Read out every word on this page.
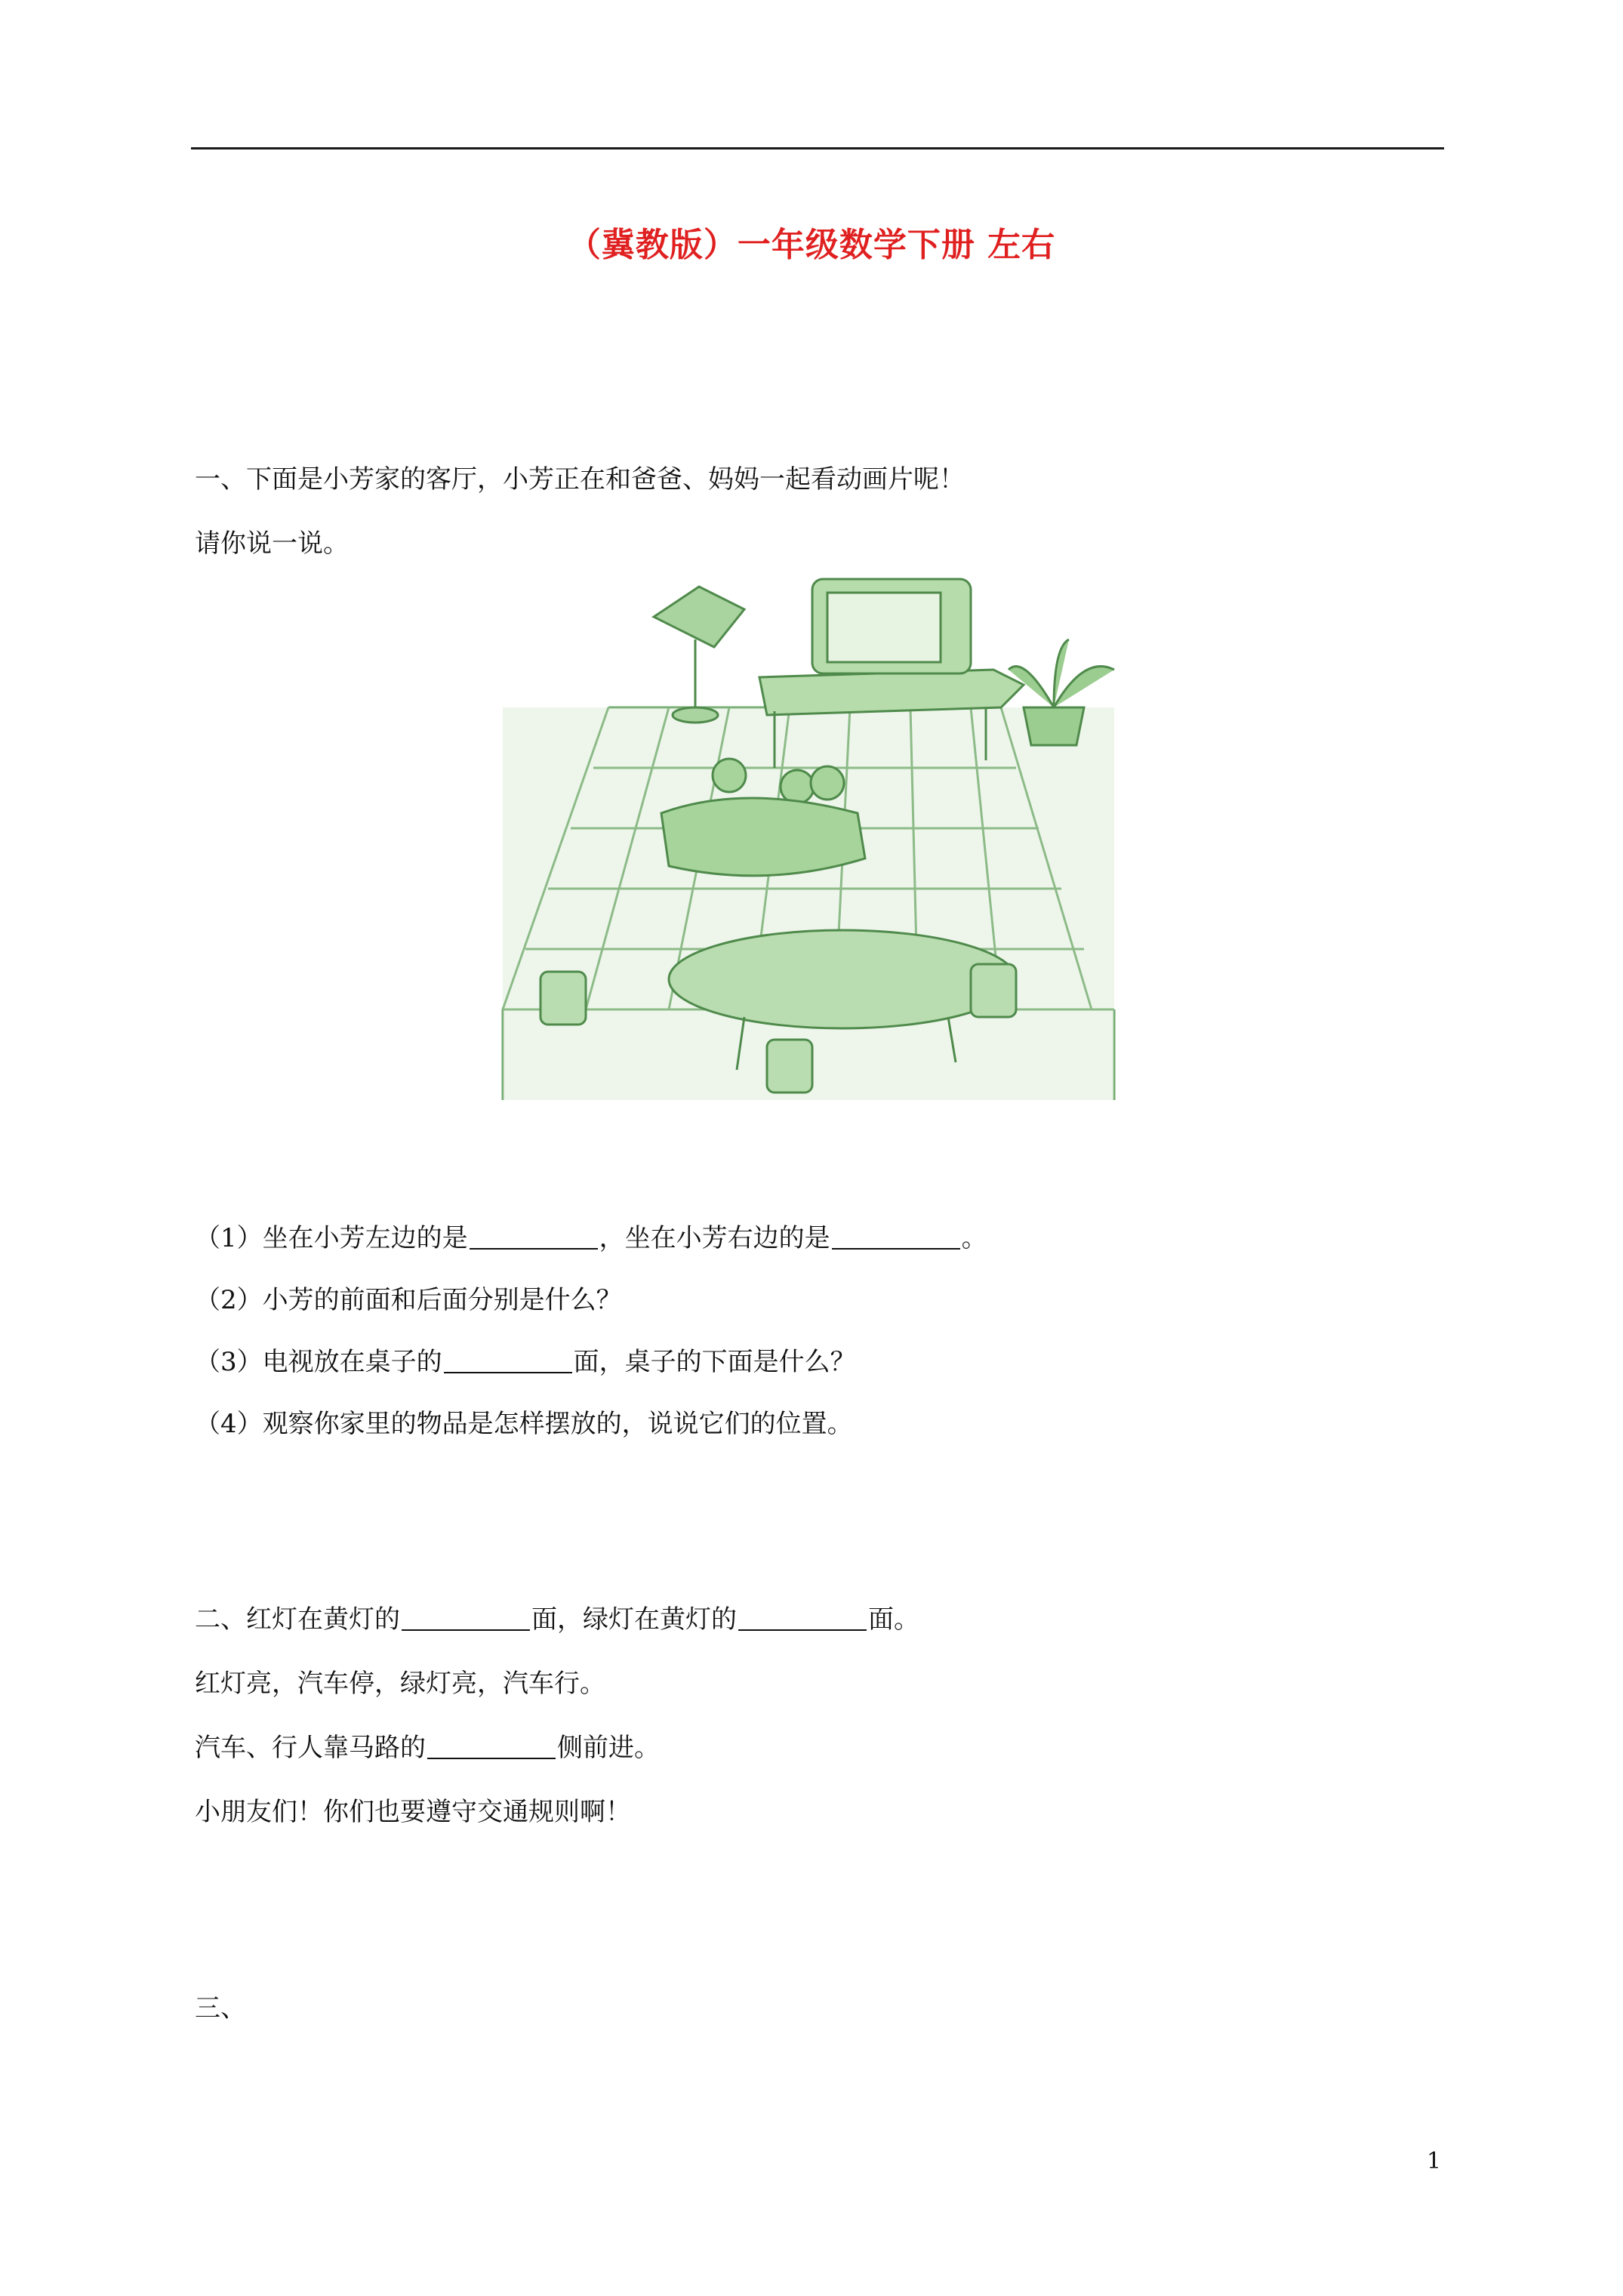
（冀教版）一年级数学下册 左右
一、下面是小芳家的客厅，小芳正在和爸爸、妈妈一起看动画片呢！
请你说一说。
（1）坐在小芳左边的是	，坐在小芳右边的是	。
（2）小芳的前面和后面分别是什么？
（3）电视放在桌子的	面，桌子的下面是什么？
（4）观察你家里的物品是怎样摆放的，说说它们的位置。
二、红灯在黄灯的	面，绿灯在黄灯的	面。
红灯亮，汽车停，绿灯亮，汽车行。
汽车、行人靠马路的	侧前进。
小朋友们！你们也要遵守交通规则啊！
三、
1
